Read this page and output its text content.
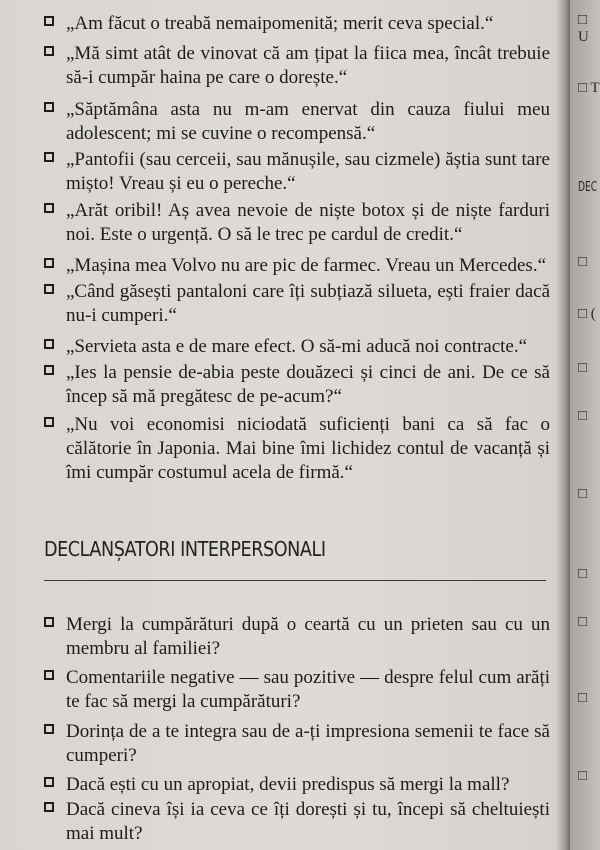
□ U
□ T
DEC
□
□ (
□
□
□
□
□
□
□
„Am făcut o treabă nemaipomenită; merit ceva special.“
„Mă simt atât de vinovat că am țipat la fiica mea, încât trebuie să-i cumpăr haina pe care o dorește.“
„Săptămâna asta nu m-am enervat din cauza fiului meu adolescent; mi se cuvine o recompensă.“
„Pantofii (sau cerceii, sau mănușile, sau cizmele) ăștia sunt tare mișto! Vreau și eu o pereche.“
„Arăt oribil! Aș avea nevoie de niște botox și de niște farduri noi. Este o urgență. O să le trec pe cardul de credit.“
„Mașina mea Volvo nu are pic de farmec. Vreau un Mercedes.“
„Când găsești pantaloni care îți subțiază silueta, ești fraier dacă nu-i cumperi.“
„Servieta asta e de mare efect. O să-mi aducă noi contracte.“
„Ies la pensie de-abia peste douăzeci și cinci de ani. De ce să încep să mă pregătesc de pe-acum?“
„Nu voi economisi niciodată suficienți bani ca să fac o călătorie în Japonia. Mai bine îmi lichidez contul de vacanță și îmi cumpăr costumul acela de firmă.“
DECLANȘATORI INTERPERSONALI
Mergi la cumpărături după o ceartă cu un prieten sau cu un membru al familiei?
Comentariile negative — sau pozitive — despre felul cum arăți te fac să mergi la cumpărături?
Dorința de a te integra sau de a-ți impresiona semenii te face să cumperi?
Dacă ești cu un apropiat, devii predispus să mergi la mall?
Dacă cineva își ia ceva ce îți dorești și tu, începi să cheltuiești mai mult?
